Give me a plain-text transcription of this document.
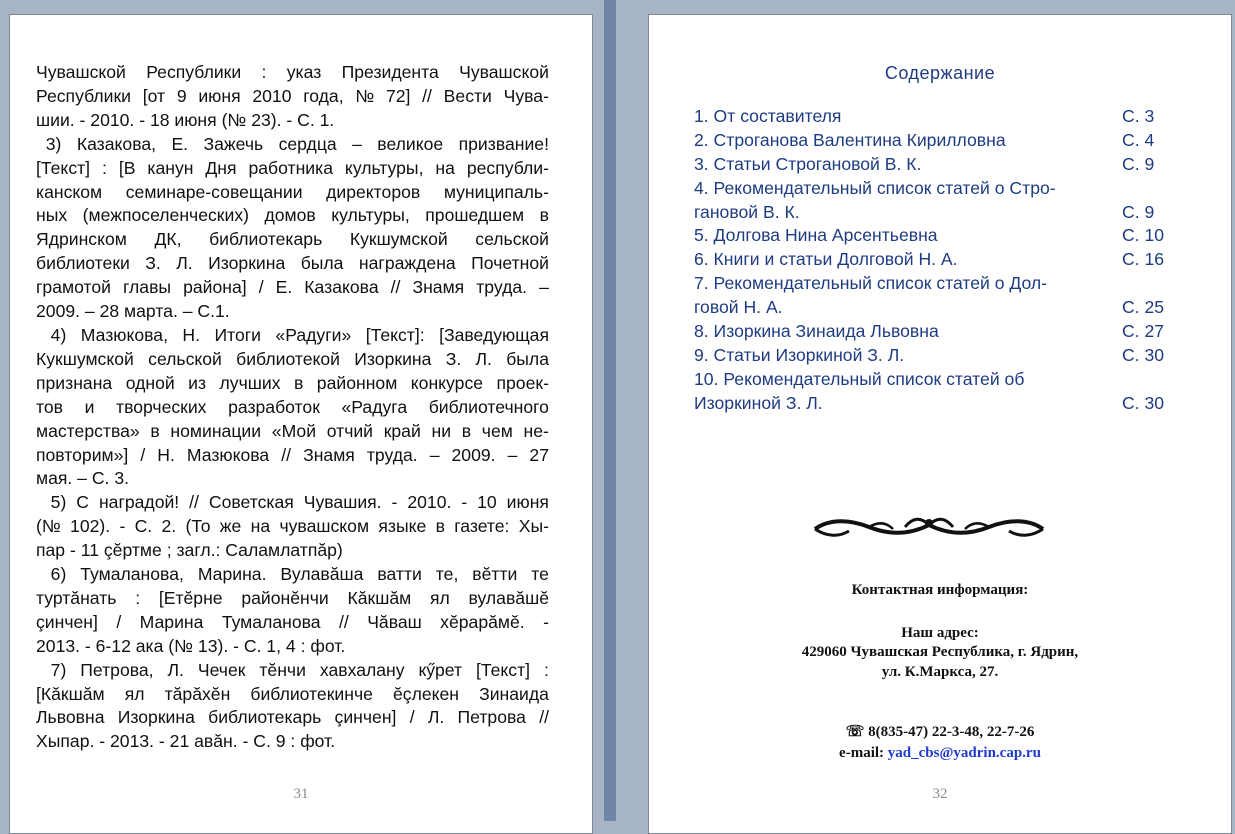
Чувашской Республики : указ Президента Чувашской
Республики [от 9 июня 2010 года, № 72] // Вести Чува-
шии. - 2010. - 18 июня (№ 23). - С. 1.
3) Казакова, Е. Зажечь сердца – великое призвание!
[Текст] : [В канун Дня работника культуры, на республи-
канском семинаре-совещании директоров муниципаль-
ных (межпоселенческих) домов культуры, прошедшем в
Ядринском ДК, библиотекарь Кукшумской сельской
библиотеки З. Л. Изоркина была награждена Почетной
грамотой главы района] / Е. Казакова // Знамя труда. –
2009. – 28 марта. – С.1.
4) Мазюкова, Н. Итоги «Радуги» [Текст]: [Заведующая
Кукшумской сельской библиотекой Изоркина З. Л. была
признана одной из лучших в районном конкурсе проек-
тов и творческих разработок «Радуга библиотечного
мастерства» в номинации «Мой отчий край ни в чем не-
повторим»] / Н. Мазюкова // Знамя труда. – 2009. – 27
мая. – С. 3.
5) С наградой! // Советская Чувашия. - 2010. - 10 июня
(№ 102). - С. 2. (То же на чувашском языке в газете: Хы-
пар - 11 çĕртме ; загл.: Саламлатпăр)
6) Тумаланова, Марина. Вулавăша ватти те, вĕтти те
туртăнать : [Етĕрне районĕнчи Кăкшăм ял вулавăшĕ
çинчен] / Марина Тумаланова // Чăваш хĕрарăмĕ. -
2013. - 6-12 ака (№ 13). - С. 1, 4 : фот.
7) Петрова, Л. Чечек тĕнчи хавхалану кӳрет [Текст] :
[Кăкшăм ял тăрăхĕн библиотекинче ĕçлекен Зинаида
Львовна Изоркина библиотекарь çинчен] / Л. Петрова //
Хыпар. - 2013. - 21 авăн. - С. 9 : фот.
31
Содержание
1. От составителя	С. 3
2. Строганова Валентина Кирилловна	С. 4
3. Статьи Строгановой В. К.	С. 9
4. Рекомендательный список статей о Стро-
гановой В. К.	С. 9
5. Долгова Нина Арсентьевна	С. 10
6. Книги и статьи Долговой Н. А.	С. 16
7. Рекомендательный список статей о Дол-
говой Н. А.	С. 25
8. Изоркина Зинаида Львовна	С. 27
9. Статьи Изоркиной З. Л.	С. 30
10. Рекомендательный список статей об
Изоркиной З. Л.	С. 30
Контактная информация:
Наш адрес:
429060 Чувашская Республика, г. Ядрин,
ул. К.Маркса, 27.
☏ 8(835-47) 22-3-48, 22-7-26
e-mail: yad_cbs@yadrin.cap.ru
32
